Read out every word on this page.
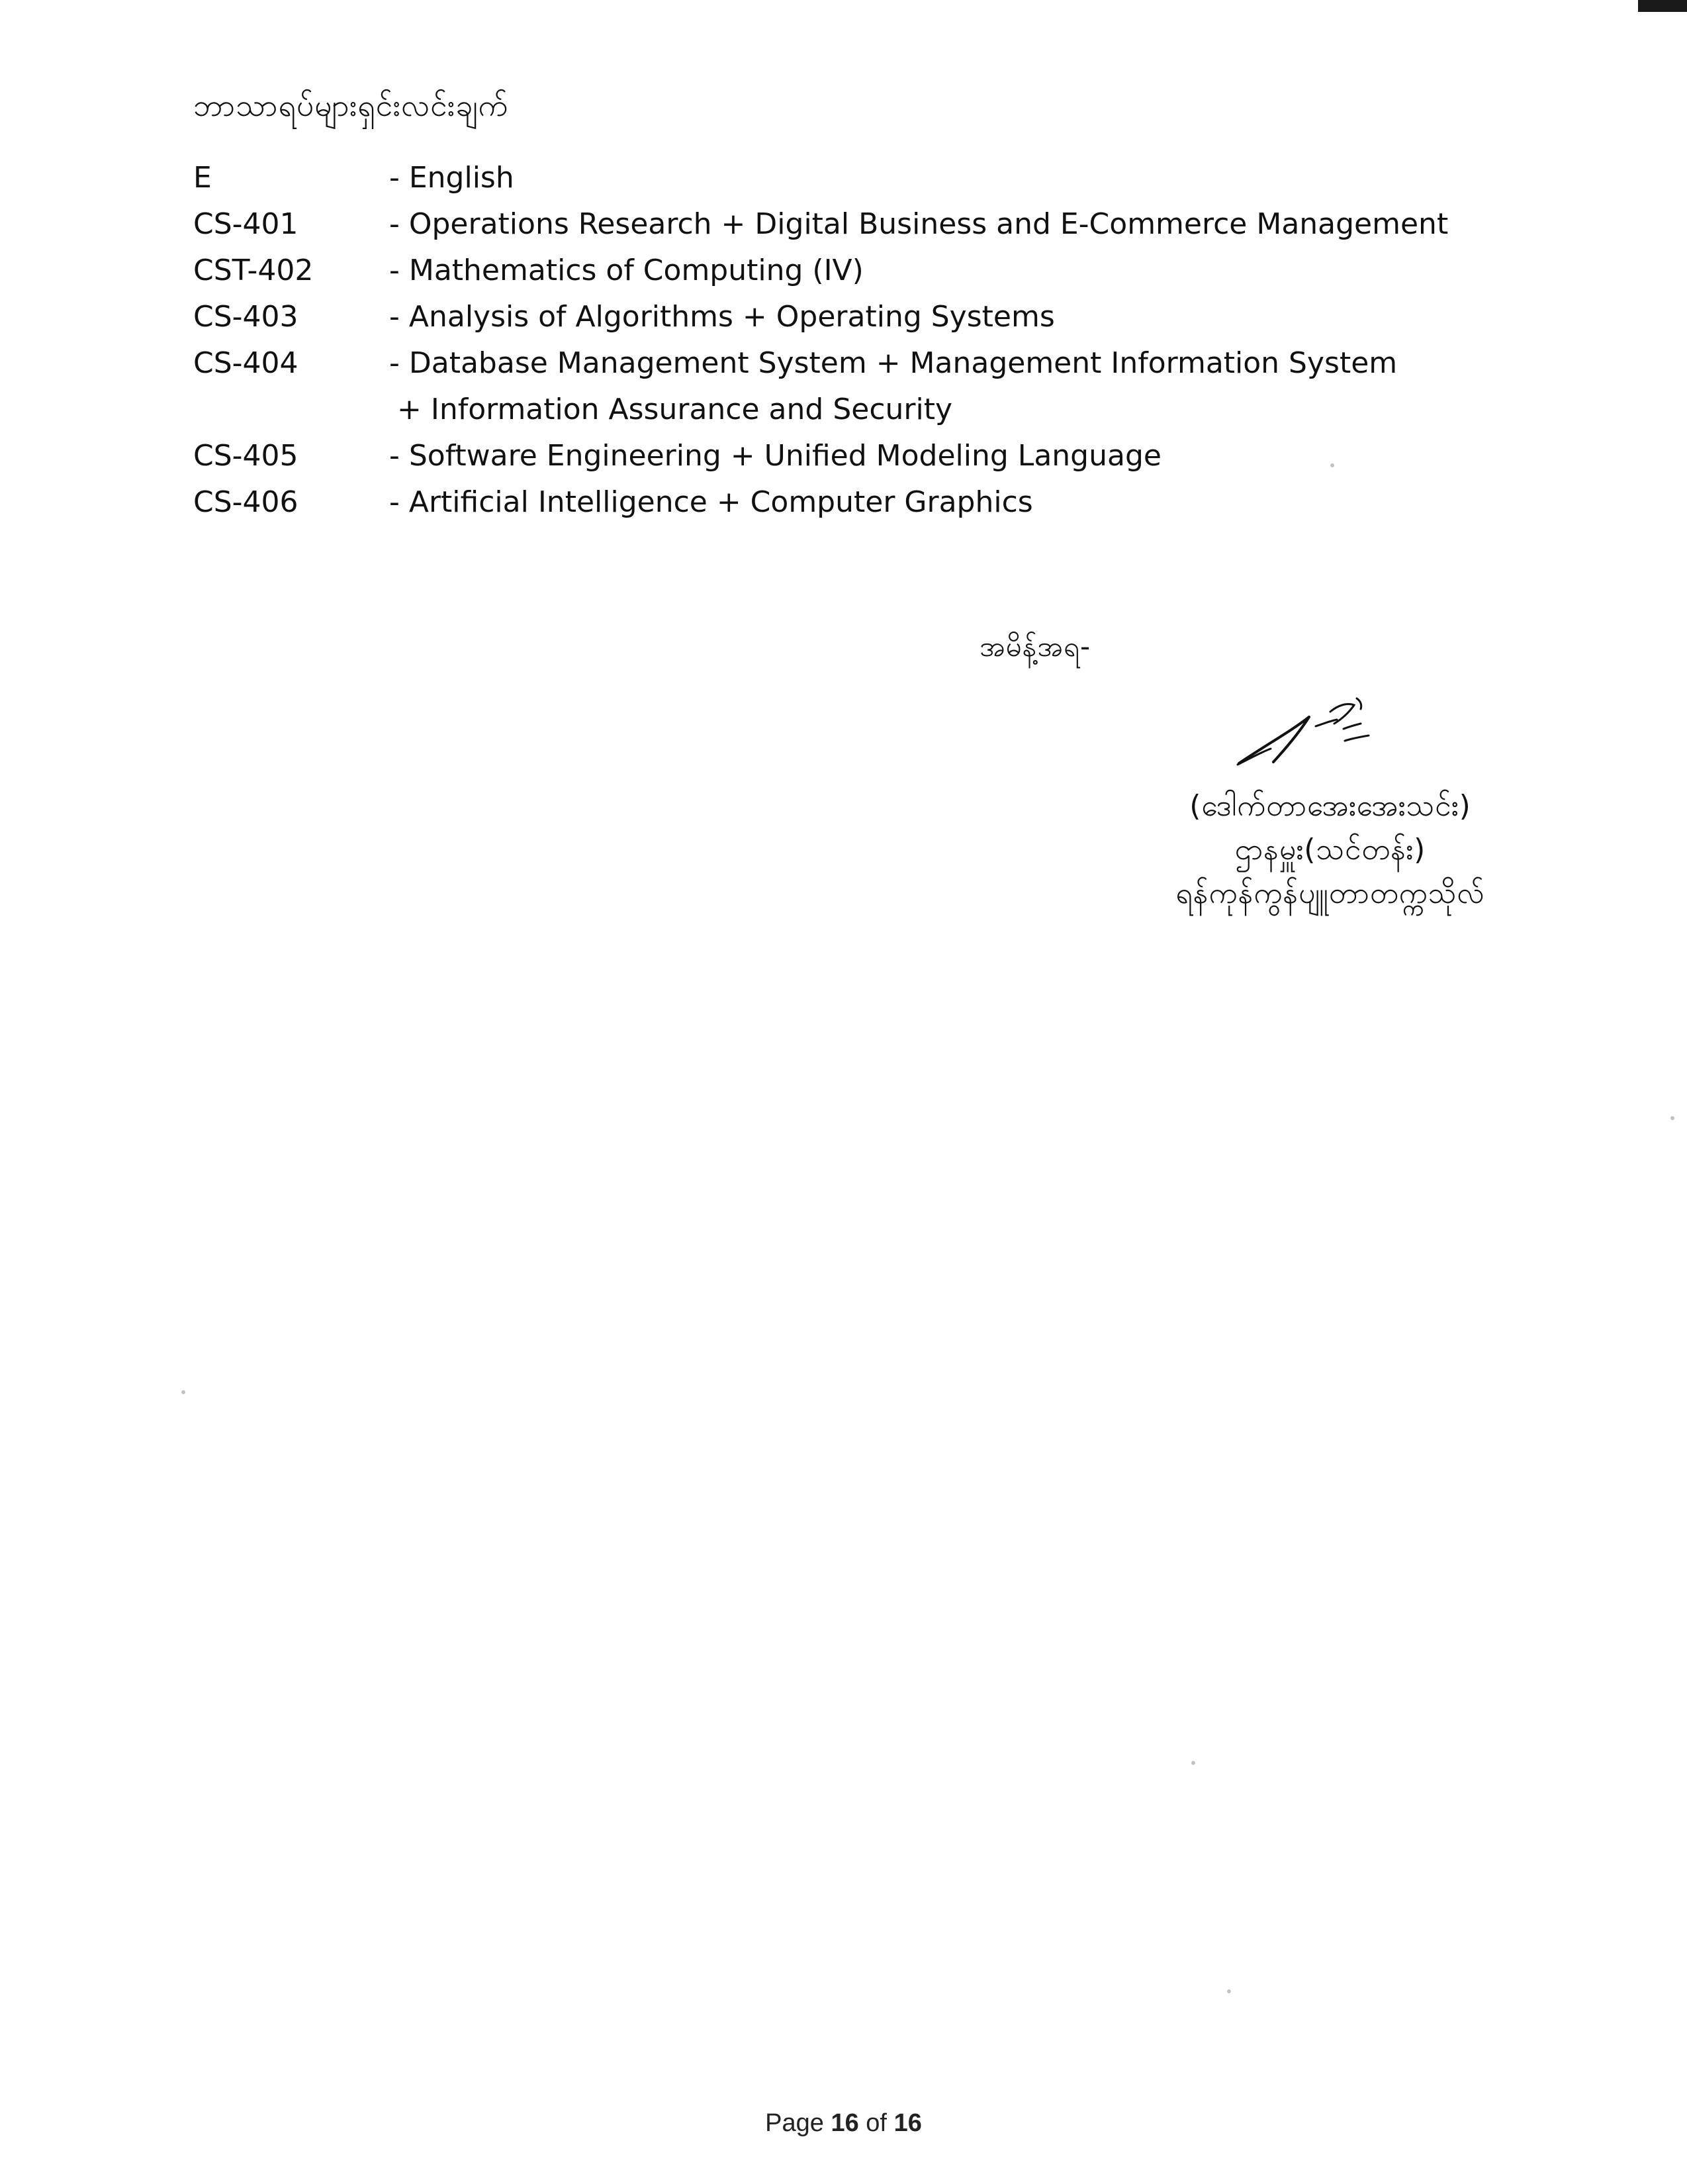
ဘာသာရပ်များရှင်းလင်းချက်
E	- English
CS-401	- Operations Research + Digital Business and E-Commerce Management
CST-402	- Mathematics of Computing (IV)
CS-403	- Analysis of Algorithms + Operating Systems
CS-404	- Database Management System + Management Information System
+ Information Assurance and Security
CS-405	- Software Engineering + Unified Modeling Language
CS-406	- Artificial Intelligence + Computer Graphics
အမိန့်အရ-
(ဒေါက်တာအေးအေးသင်း)
ဌာနမှူး(သင်တန်း)
ရန်ကုန်ကွန်ပျူတာတက္ကသိုလ်
Page 16 of 16
